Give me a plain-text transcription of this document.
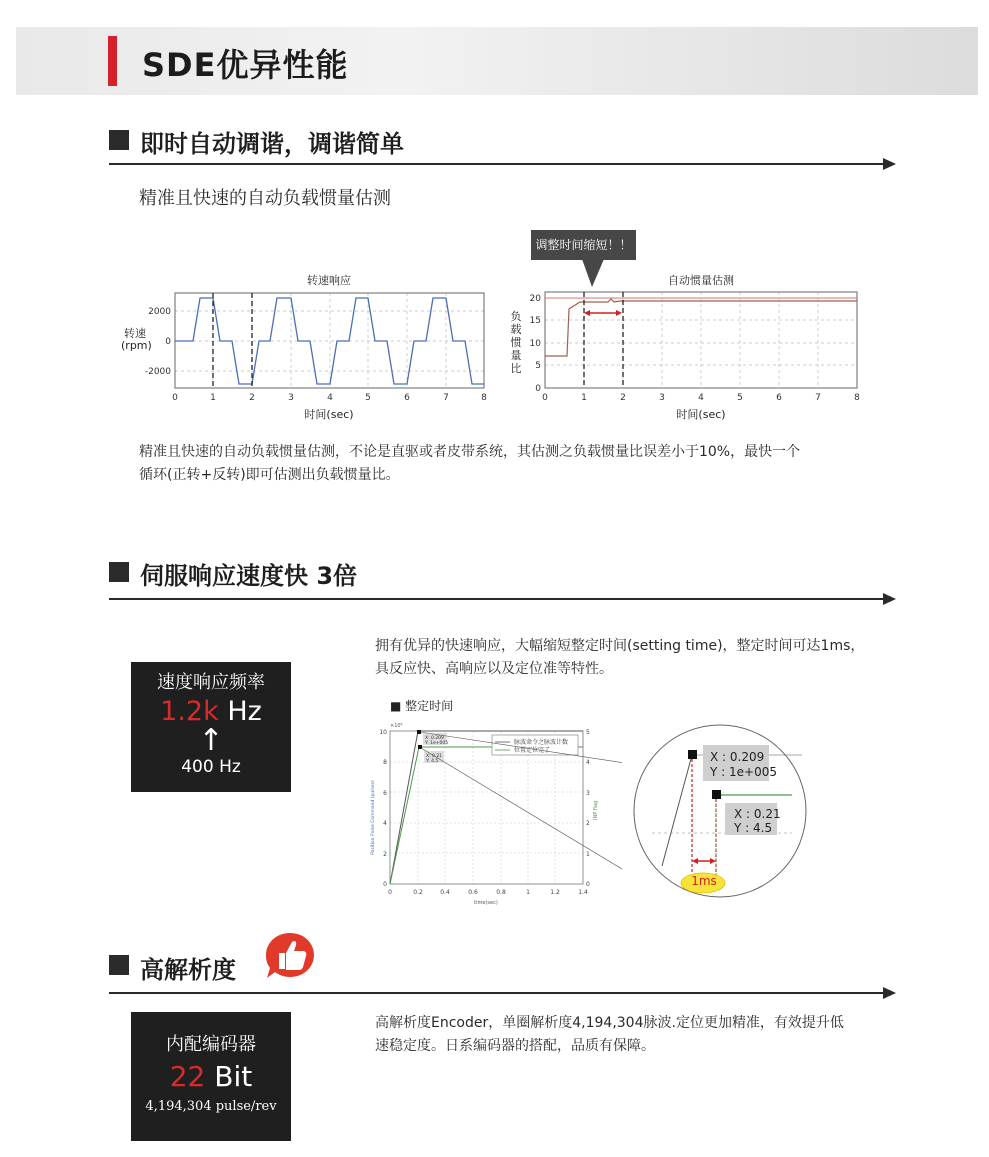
SDE优异性能
即时自动调谐，调谐简单
精准且快速的自动负载惯量估测
调整时间缩短！！
转速响应
转速(rpm)
时间(sec)
2000
0
-2000
0	1	2	3	4	5	6	7	8
自动惯量估测
负载惯量比
时间(sec)
20
15
10
5
0
0	1	2	3	4	5	6	7	8
精准且快速的自动负载惯量估测，不论是直驱或者皮带系统，其估测之负载惯量比误差小于10%，最快一个
循环(正转+反转)即可估测出负载惯量比。
伺服响应速度快 3倍
速度响应频率
1.2k Hz
↑
400 Hz
拥有优异的快速响应，大幅缩短整定时间(setting time)，整定时间可达1ms，
具反应快、高响应以及定位准等特性。
■ 整定时间
X: 0.209
Y: 1e+005
X: 0.21
Y: 4.5
脉波命令之脉波计数
位置定位完了
10
8
6
4
2
0
5
4
3
2
1
0
0	0.2	0.4	0.6	0.8	1	1.2	1.4
time(sec)
×10⁵
Position Pulse Command (pulses)	INP flag
X : 0.209
Y : 1e+005
X : 0.21
Y : 4.5
1ms
高解析度
内配编码器
22 Bit
4,194,304 pulse/rev
高解析度Encoder，单圈解析度4,194,304脉波.定位更加精准，有效提升低
速稳定度。日系编码器的搭配，品质有保障。
